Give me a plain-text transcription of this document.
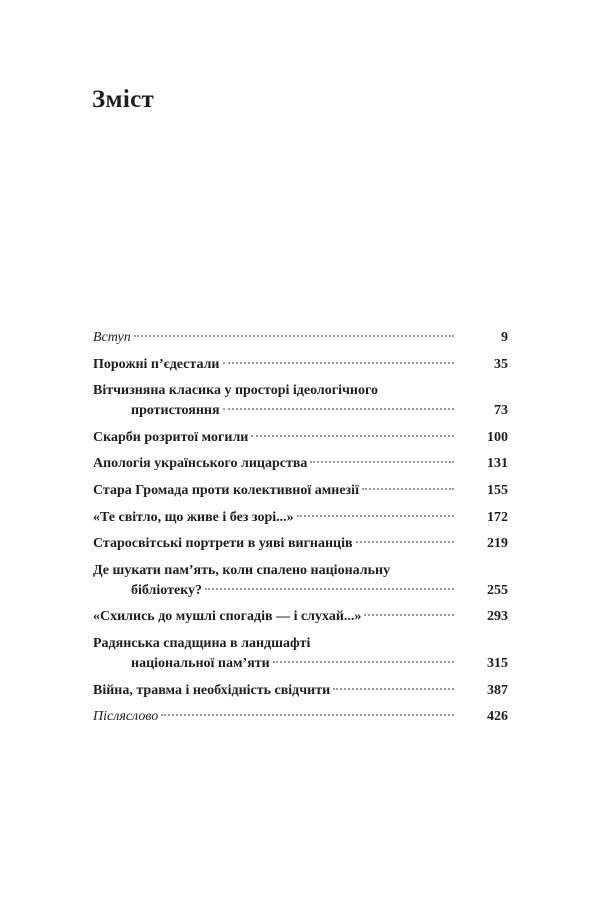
Зміст
Вступ	9
Порожні п’єдестали	35
Вітчизняна класика у просторі ідеологічного
протистояння	73
Скарби розритої могили	100
Апологія українського лицарства	131
Стара Громада проти колективної амнезії	155
«Те світло, що живе і без зорі...»	172
Старосвітські портрети в уяві вигнанців	219
Де шукати пам’ять, коли спалено національну
бібліотеку?	255
«Схились до мушлі спогадів — і слухай...»	293
Радянська спадщина в ландшафті
національної пам’яти	315
Війна, травма і необхідність свідчити	387
Післяслово	426
